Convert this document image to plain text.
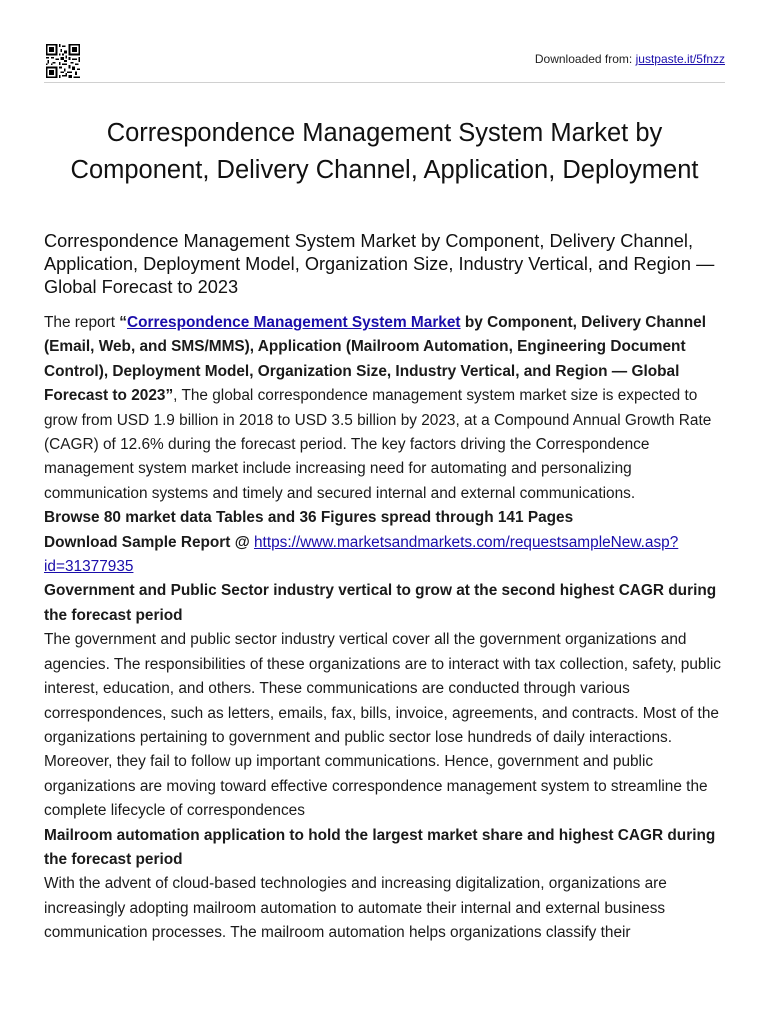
Downloaded from: justpaste.it/5fnzz
Correspondence Management System Market by Component, Delivery Channel, Application, Deployment
Correspondence Management System Market by Component, Delivery Channel, Application, Deployment Model, Organization Size, Industry Vertical, and Region — Global Forecast to 2023

The report “Correspondence Management System Market by Component, Delivery Channel (Email, Web, and SMS/MMS), Application (Mailroom Automation, Engineering Document Control), Deployment Model, Organization Size, Industry Vertical, and Region — Global Forecast to 2023”, The global correspondence management system market size is expected to grow from USD 1.9 billion in 2018 to USD 3.5 billion by 2023, at a Compound Annual Growth Rate (CAGR) of 12.6% during the forecast period. The key factors driving the Correspondence management system market include increasing need for automating and personalizing communication systems and timely and secured internal and external communications.

Browse 80 market data Tables and 36 Figures spread through 141 Pages

Download Sample Report @ https://www.marketsandmarkets.com/requestsampleNew.asp?id=31377935

Government and Public Sector industry vertical to grow at the second highest CAGR during the forecast period

The government and public sector industry vertical cover all the government organizations and agencies. The responsibilities of these organizations are to interact with tax collection, safety, public interest, education, and others. These communications are conducted through various correspondences, such as letters, emails, fax, bills, invoice, agreements, and contracts. Most of the organizations pertaining to government and public sector lose hundreds of daily interactions. Moreover, they fail to follow up important communications. Hence, government and public organizations are moving toward effective correspondence management system to streamline the complete lifecycle of correspondences

Mailroom automation application to hold the largest market share and highest CAGR during the forecast period

With the advent of cloud-based technologies and increasing digitalization, organizations are increasingly adopting mailroom automation to automate their internal and external business communication processes. The mailroom automation helps organizations classify their
